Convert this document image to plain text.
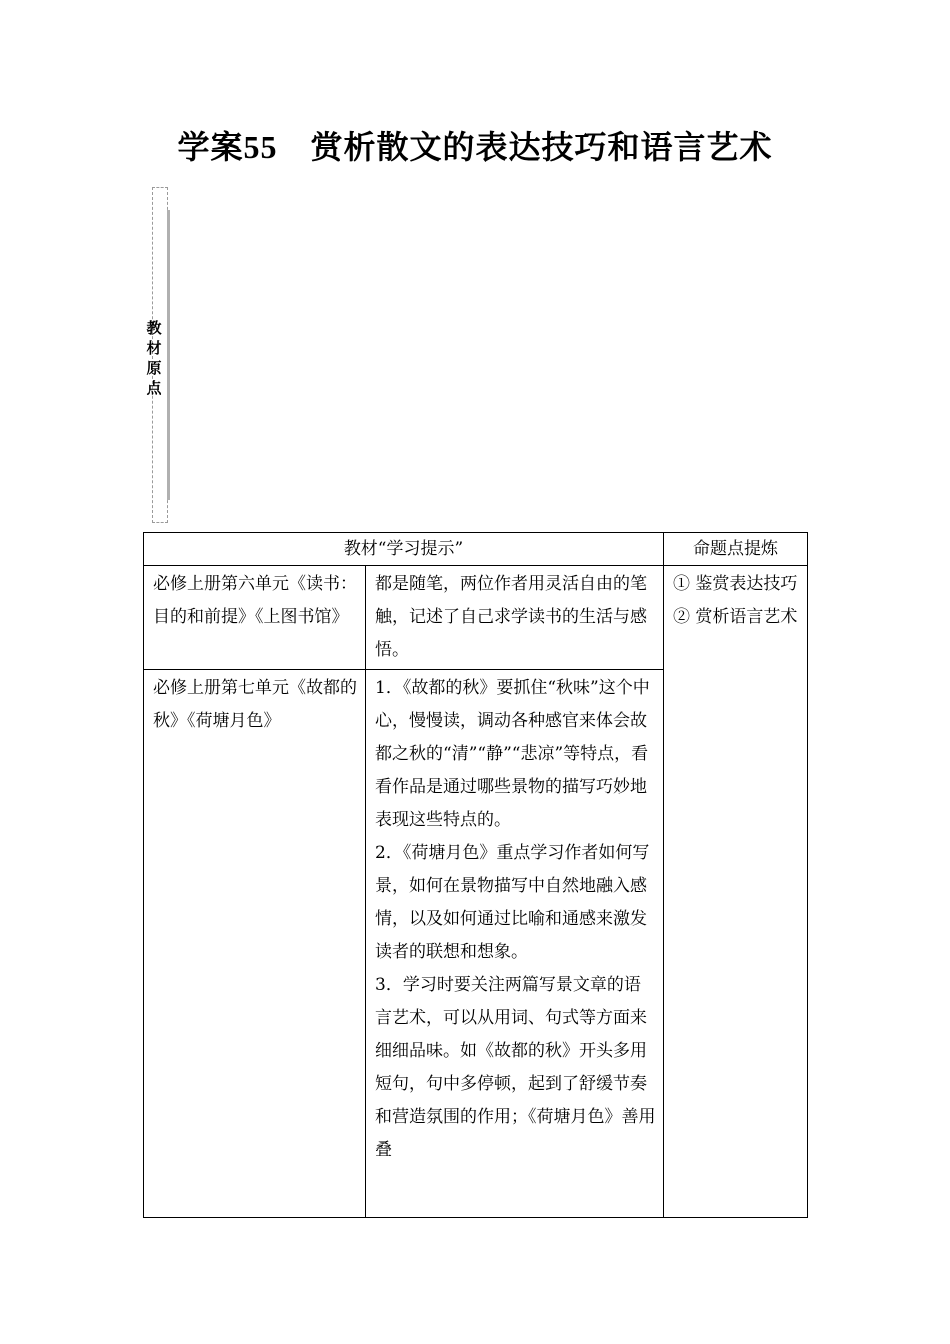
学案55　赏析散文的表达技巧和语言艺术
教材原点
教材“学习提示”		命题点提炼
必修上册第六单元《读书：目的和前提》《上图书馆》	都是随笔，两位作者用灵活自由的笔触，记述了自己求学读书的生活与感悟。	① 鉴赏表达技巧
② 赏析语言艺术

必修上册第七单元《故都的秋》《荷塘月色》	1．《故都的秋》要抓住“秋味”这个中心，慢慢读，调动各种感官来体会故都之秋的“清”“静”“悲凉”等特点，看看作品是通过哪些景物的描写巧妙地表现这些特点的。
2．《荷塘月色》重点学习作者如何写景，如何在景物描写中自然地融入感情，以及如何通过比喻和通感来激发读者的联想和想象。
3．学习时要关注两篇写景文章的语言艺术，可以从用词、句式等方面来细细品味。如《故都的秋》开头多用短句，句中多停顿，起到了舒缓节奏和营造氛围的作用；《荷塘月色》善用叠	
